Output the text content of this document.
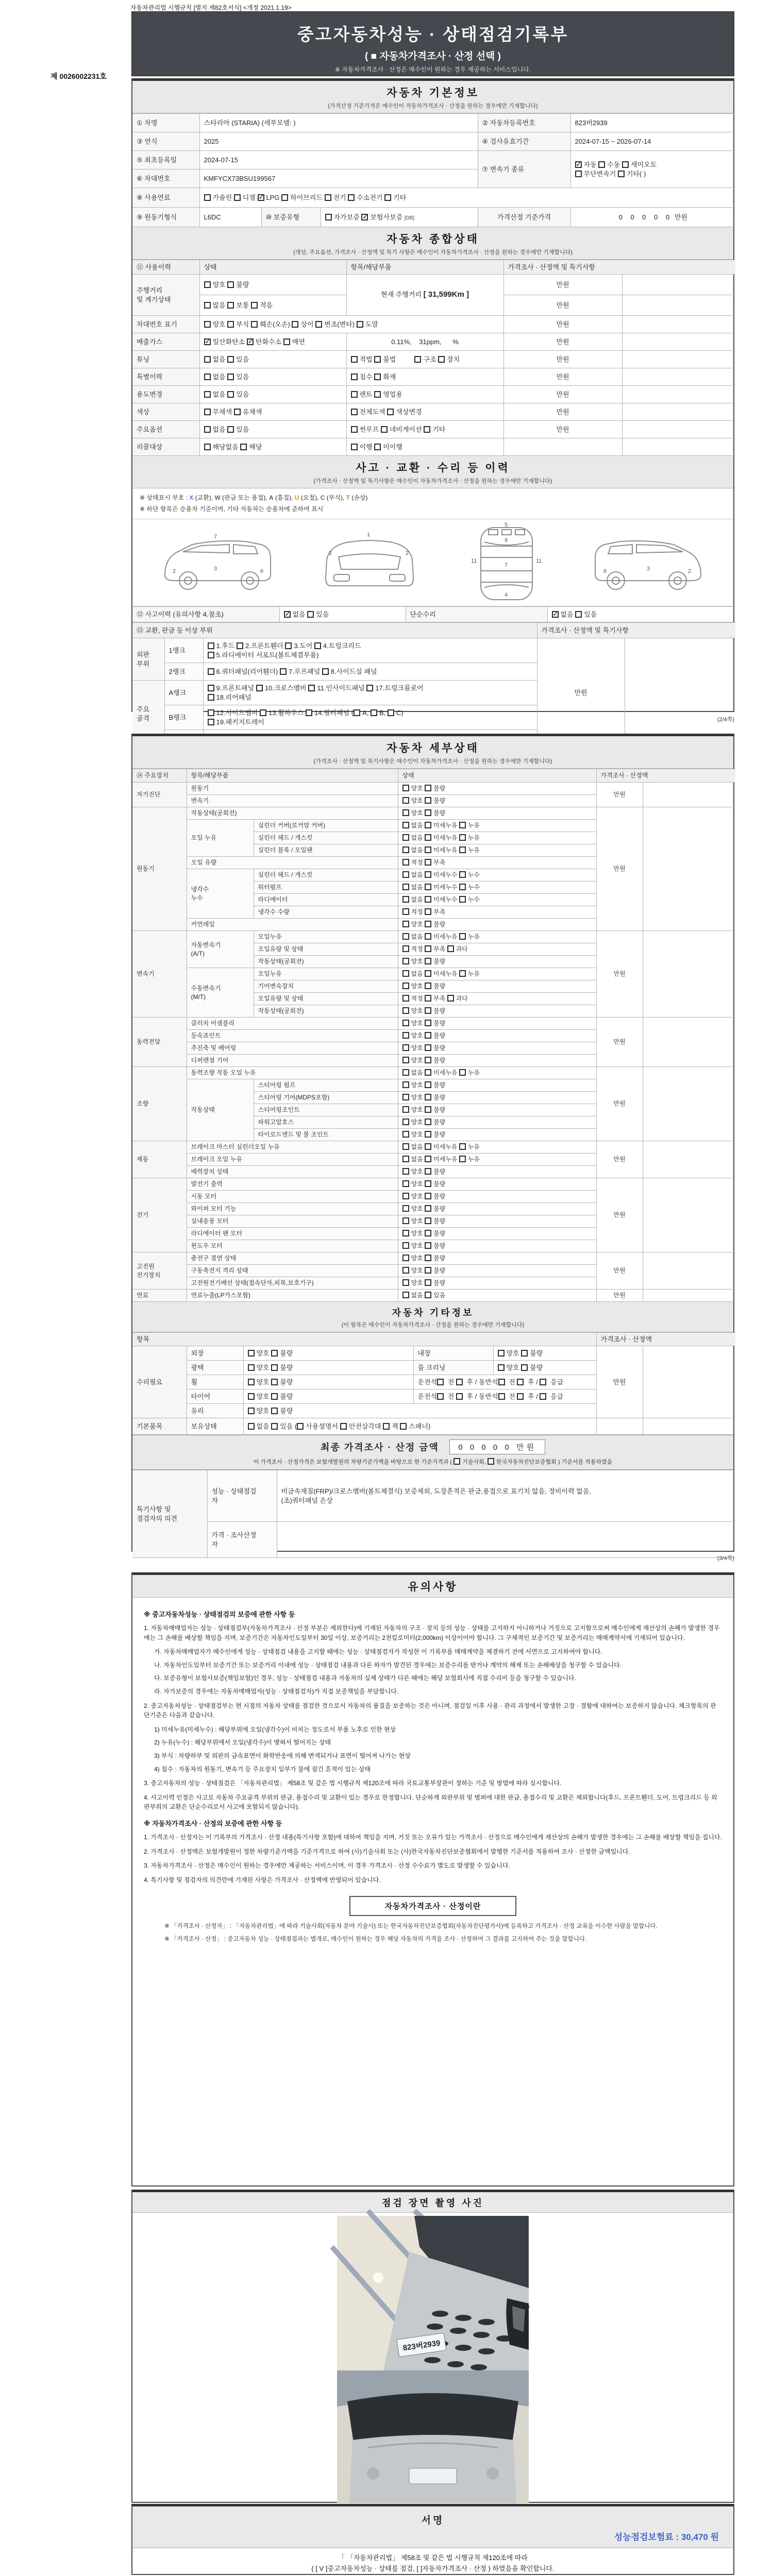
자동차관리법 시행규칙 [별지 제82호서식] <개정 2021.1.19>
중고자동차성능 · 상태점검기록부
( ■ 자동차가격조사 · 산정 선택 )
※ 자동차가격조사 · 산정은 매수인이 원하는 경우 제공하는 서비스입니다.
제 0026002231호
자동차 기본정보
(가격산정 기준가격은 매수인이 자동차가격조사 · 산정을 원하는 경우에만 기재합니다)
① 차명	스타리아 (STARIA) (세부모델: )			② 자동차등록번호	823버2939
③ 연식	2025			④ 검사유효기간	2024-07-15 ~ 2026-07-14
⑤ 최초등록일	2024-07-15			⑦ 변속기 종류	✓자동 수동 세미오토
무단변속기 기타( )
⑥ 차대번호	KMFYCX73BSU199567				
⑧ 사용연료	가솔린 디젤 ✓LPG 하이브리드 전기 수소전기 기타
⑨ 원동기형식	L6DC	⑩ 보증유형	자가보증 ✓보험사보증 [DB]	가격산정 기준가격	0 0 0 0 0 만원
자동차 종합상태
(색상, 주요옵션, 가격조사 · 산정액 및 특기 사항은 매수인이 자동차가격조사 · 산정을 원하는 경우에만 기재합니다)
⑪ 사용이력	상태	항목/해당부품	가격조사 · 산정액 및 특기사항	
주행거리
및 계기상태	양호 불량	현재 주행거리 [ 31,599Km ]	만원	
	많음 보통 적음		만원	
차대번호 표기	양호 부식 훼손(오손) 상이 변조(변타) 도말		만원	
배출가스	✓일산화탄소 ✓탄화수소 매연	0.11%,    31ppm,      %	만원	
튜닝	없음 있음	적법 불법          구조 장치	만원	
특별이력	없음 있음	침수 화재	만원	
용도변경	없음 있음	렌트 영업용	만원	
색상	무채색 유채색	전체도색 색상변경	만원	
주요옵션	없음 있음	썬루프 네비게이션 기타	만원	
리콜대상	해당없음 해당	이행 미이행		
사고 · 교환 · 수리 등 이력
(가격조사 · 산정액 및 특기사항은 매수인이 자동차가격조사 · 산정을 원하는 경우에만 기재합니다)
※ 상태표시 부호 : X (교환), W (판금 또는 용접), A (흠집), U (요철), C (부식), T (손상)
※ 하단 항목은 승용차 기준이며, 기타 자동차는 승용차에 준하여 표시
2	3	6
7	1
2	2
5
9
11	11
7
4
2
3
6
⑫ 사고이력 (유의사항 4.참조)	✓없음 있음	단순수리	✓없음 있음
⑬ 교환, 판금 등 이상 부위			가격조사 · 산정액 및 특기사항	
외판
부위	1랭크	1.후드 2.프론트휀더 3.도어 4.트렁크리드
5.라디에이터 서포트(볼트체결부품)	만원	
	2랭크	6.쿼터패널(리어휀더) 7.루프패널 8.사이드실 패널		
주요
골격	A랭크	9.프론트패널 10.크로스멤버 11.인사이드패널 17.트렁크플로어
18.리어패널		
	B랭크	12.사이드멤버 13.휠하우스 14.필러패널 ( A, B, C)
19.패키지트레이		
		(2/4쪽)
자동차 세부상태
(가격조사 · 산정액 및 특기사항은 매수인이 자동차가격조사 · 산정을 원하는 경우에만 기재합니다)
⑭ 주요장치	항목/해당부품		상태	가격조사 · 산정액	
자기진단	원동기		양호 불량	만원	
	변속기		양호 불량		
원동기	작동상태(공회전)		양호 불량	만원	
	오일 누유	실린더 커버(로커암 커버)	없음 미세누유 누유		
		실린더 헤드 / 개스킷	없음 미세누유 누유		
		실린더 블록 / 오일팬	없음 미세누유 누유		
	오일 유량		적정 부족		
	냉각수
누수	실린더 헤드 / 개스킷	없음 미세누수 누수		
		워터펌프	없음 미세누수 누수		
		라디에이터	없음 미세누수 누수		
		냉각수 수량	적정 부족		
	커먼레일		양호 불량		
변속기	자동변속기
(A/T)	오일누유	없음 미세누유 누유	만원	
		오일유량 및 상태	적정 부족 과다		
		작동상태(공회전)	양호 불량		
	수동변속기
(M/T)	오일누유	없음 미세누유 누유		
		기어변속장치	양호 불량		
		오일유량 및 상태	적정 부족 과다		
		작동상태(공회전)	양호 불량		
동력전달	클러치 어셈블리		양호 불량	만원	
	등속죠인트		양호 불량		
	추진축 및 베어링		양호 불량		
	디퍼렌셜 기어		양호 불량		
조향	동력조향 작동 오일 누유		없음 미세누유 누유	만원	
	작동상태	스티어링 펌프	양호 불량		
		스티어링 기어(MDPS포함)	양호 불량		
		스티어링조인트	양호 불량		
		파워고압호스	양호 불량		
		타이로드엔드 및 볼 조인트	양호 불량		
제동	브레이크 마스터 실린더오일 누유		없음 미세누유 누유	만원	
	브레이크 오일 누유		없음 미세누유 누유		
	배력장치 상태		양호 불량		
전기	발전기 출력		양호 불량	만원	
	시동 모터		양호 불량		
	와이퍼 모터 기능		양호 불량		
	실내송풍 모터		양호 불량		
	라디에이터 팬 모터		양호 불량		
	윈도우 모터		양호 불량		
고전원
전기장치	충전구 절연 상태		양호 불량	만원	
	구동축전지 격리 상태		양호 불량		
	고전원전기배선 상태(접속단자,피복,보호기구)		양호 불량		
연료	연료누출(LP가스포함)		없음 있음	만원	
자동차 기타정보
(이 항목은 매수인이 자동차가격조사 · 산정을 원하는 경우에만 기재합니다)
항목					가격조사 · 산정액	
수리필요	외장	양호 불량	내장	양호 불량	만원	
	광택	양호 불량	룸 크리닝	양호 불량		
	휠	양호 불량	운전석 전  후 / 동반석 전  후 /  응급			
	타이어	양호 불량	운전석 전  후 / 동반석 전  후 /  응급			
	유리	양호 불량				
기본품목	보유상태	없음 있음 ( 사용설명서 안전삼각대 잭 스패너)				
최종 가격조사 · 산정 금액 0 0 0 0 0 만원
이 가격조사 · 산정가격은 보험개발원의 차량기준가액을 바탕으로 한 기준가격과 ( 기술사회, 한국자동차진단보증협회 ) 기준서를 적용하였음
특기사항 및
점검자의 의견	성능 · 상태점검
자	비금속재질(FRP)/크로스멤버(볼트체결식) 보증제외, 도장흔적은 판금,용접으로 표기치 않음, 정비이력 없음,
(조)쿼터패널 손상
	가격 · 조사산정
자	
(3/4쪽)
유의사항
※ 중고자동차성능 · 상태점검의 보증에 관한 사항 등
1. 자동차매매업자는 성능 · 상태점검부(자동차가격조사 · 산정 부분은 제외한다)에 기재된 자동차의 구조 · 장치 등의 성능 · 상태를 고지하지 아니하거나 거짓으로 고지함으로써 매수인에게 재산상의 손해가 발생한 경우에는 그 손해를 배상할 책임을 지며, 보증기간은 자동차인도일부터 30일 이상, 보증거리는 2천킬로미터(2,000km) 이상이어야 합니다. 그 구체적인 보증기간 및 보증거리는 매매계약서에 기재되어 있습니다.
가. 자동차매매업자가 매수인에게 성능 · 상태점검 내용을 고지할 때에는 성능 · 상태점검자가 작성한 이 기록부를 매매계약을 체결하기 전에 서면으로 고지하여야 합니다.
나. 자동차인도일부터 보증기간 또는 보증거리 이내에 성능 · 상태점검 내용과 다른 하자가 발견된 경우에는 보증수리를 받거나 계약의 해제 또는 손해배상을 청구할 수 있습니다.
다. 보증유형이 보험사보증(책임보험)인 경우, 성능 · 상태점검 내용과 자동차의 실제 상태가 다른 때에는 해당 보험회사에 직접 수리비 등을 청구할 수 있습니다.
라. 자가보증의 경우에는 자동차매매업자(성능 · 상태점검자)가 직접 보증책임을 부담합니다.
2. 중고자동차성능 · 상태점검부는 현 시점의 자동차 상태를 점검한 것으로서 자동차의 품질을 보증하는 것은 아니며, 점검일 이후 사용 · 관리 과정에서 발생한 고장 · 결함에 대하여는 보증하지 않습니다. 체크항목의 판단기준은 다음과 같습니다.
1) 미세누유(미세누수) : 해당부위에 오일(냉각수)이 비치는 정도로서 부품 노후로 인한 현상
2) 누유(누수) : 해당부위에서 오일(냉각수)이 맺혀서 떨어지는 상태
3) 부식 : 차량하부 및 외판의 금속표면이 화학반응에 의해 변색되거나 표면이 떨어져 나가는 현상
4) 침수 : 자동차의 원동기, 변속기 등 주요장치 일부가 물에 잠긴 흔적이 있는 상태
3. 중고자동차의 성능 · 상태점검은 「자동차관리법」 제58조 및 같은 법 시행규칙 제120조에 따라 국토교통부장관이 정하는 기준 및 방법에 따라 실시합니다.
4. 사고이력 인정은 사고로 자동차 주요골격 부위의 판금, 용접수리 및 교환이 있는 경우로 한정합니다. 단순하게 외판부위 및 범퍼에 대한 판금, 용접수리 및 교환은 제외합니다(후드, 프론트휀더, 도어, 트렁크리드 등 외판부위의 교환은 단순수리로서 사고에 포함되지 않습니다).
※ 자동차가격조사 · 산정의 보증에 관한 사항 등
1. 가격조사 · 산정자는 이 기록부의 가격조사 · 산정 내용(특기사항 포함)에 대하여 책임을 지며, 거짓 또는 오류가 있는 가격조사 · 산정으로 매수인에게 재산상의 손해가 발생한 경우에는 그 손해를 배상할 책임을 집니다.
2. 가격조사 · 산정액은 보험개발원이 정한 차량기준가액을 기준가격으로 하여 (사)기술사회 또는 (사)한국자동차진단보증협회에서 발행한 기준서를 적용하여 조사 · 산정한 금액입니다.
3. 자동차가격조사 · 산정은 매수인이 원하는 경우에만 제공하는 서비스이며, 이 경우 가격조사 · 산정 수수료가 별도로 발생할 수 있습니다.
4. 특기사항 및 점검자의 의견란에 기재된 사항은 가격조사 · 산정액에 반영되어 있습니다.
자동차가격조사 · 산정이란
※ 「가격조사 · 산정자」 : 「자동차관리법」에 따라 기술사회(자동차 분야 기술사) 또는 한국자동차진단보증협회(자동차진단평가사)에 등록하고 가격조사 · 산정 교육을 이수한 사람을 말합니다.
※ 「가격조사 · 산정」 : 중고자동차 성능 · 상태점검과는 별개로, 매수인이 원하는 경우 해당 자동차의 가격을 조사 · 산정하여 그 결과를 고지하여 주는 것을 말합니다.
점검 장면 촬영 사진
823버2939
서명
성능점검보험료 : 30,470 원
「 「자동차관리법」 제58조 및 같은 법 시행규칙 제120조에 따라
( [ V ]중고자동차성능 · 상태를 점검, [ ]자동차가격조사 · 산정 ) 하였음을 확인합니다.
